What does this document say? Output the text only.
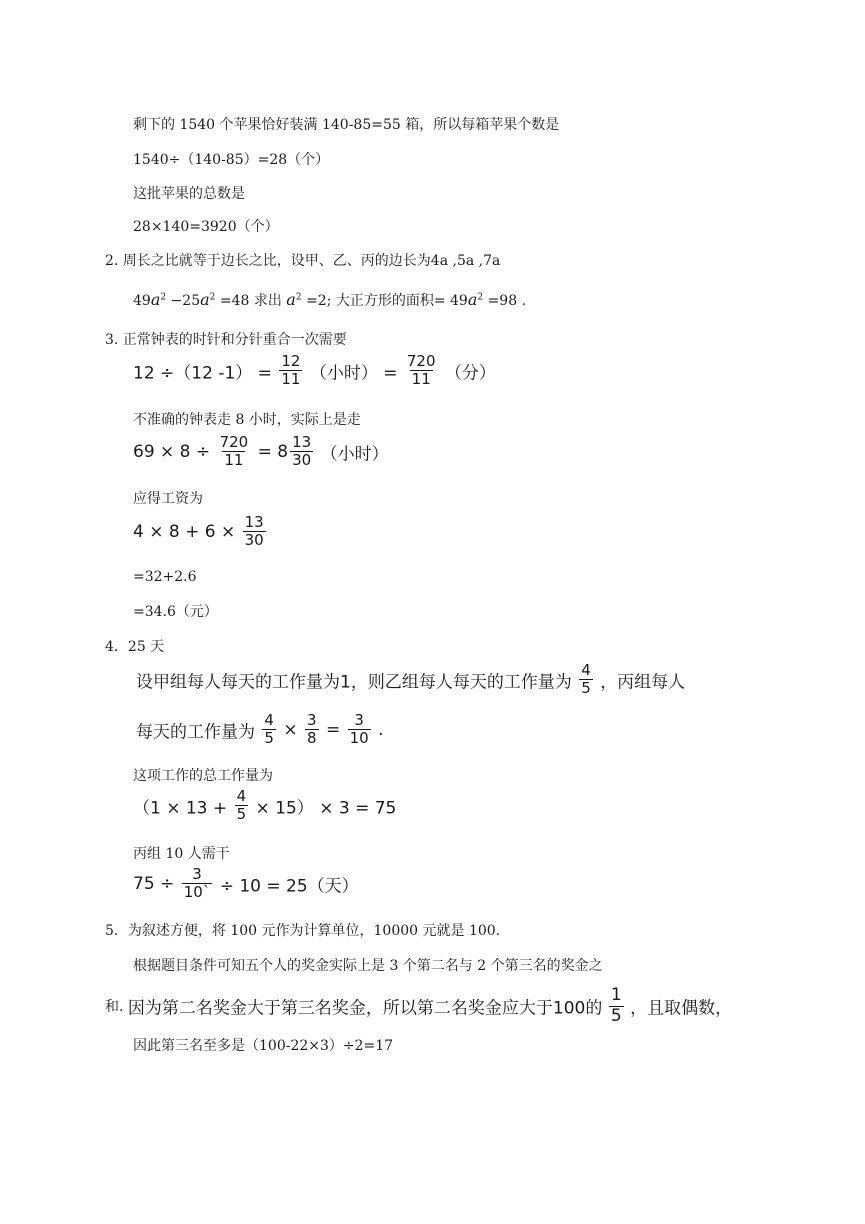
剩下的 1540 个苹果恰好装满 140-85=55 箱，所以每箱苹果个数是
1540÷（140-85）=28（个）
这批苹果的总数是
28×140=3920（个）
2. 周长之比就等于边长之比，设甲、乙、丙的边长为4a ,5a ,7a
$49a^2 -25a^2 =48$ 求出 $a^2 =2$; 大正方形的面积= $49a^2 =98$ .
3. 正常钟表的时针和分针重合一次需要
12 ÷（12 $-1) = \frac{12}{11}$ （小时） = $\frac{720}{11}$ （分）
不准确的钟表走 8 小时，实际上是走
$69 \times 8 \div \frac{720}{11} = 8 \frac{13}{30}$ （小时）
应得工资为
$4 \times 8 + 6 \times \frac{13}{30}$
=32+2.6
=34.6（元）
4．25 天
设甲组每人每天的工作量为1，则乙组每人每天的工作量为 $\frac{4}{5}$ ，丙组每人
每天的工作量为 $\frac{4}{5} \times \frac{3}{8} = \frac{3}{10}$ .
这项工作的总工作量为
$(1 \times 13 + \frac{4}{5} \times 15) \times 3 = 75$
丙组 10 人需干
$75 \div \frac{3}{10`} \div 10 = 25$（天）
5．为叙述方便，将 100 元作为计算单位，10000 元就是 100.
根据题目条件可知五个人的奖金实际上是 3 个第二名与 2 个第三名的奖金之
和. 因为第二名奖金大于第三名奖金，所以第二名奖金应大于100的 $\frac{1}{5}$ ，且取偶数，
因此第三名至多是（100-22×3）÷2=17
